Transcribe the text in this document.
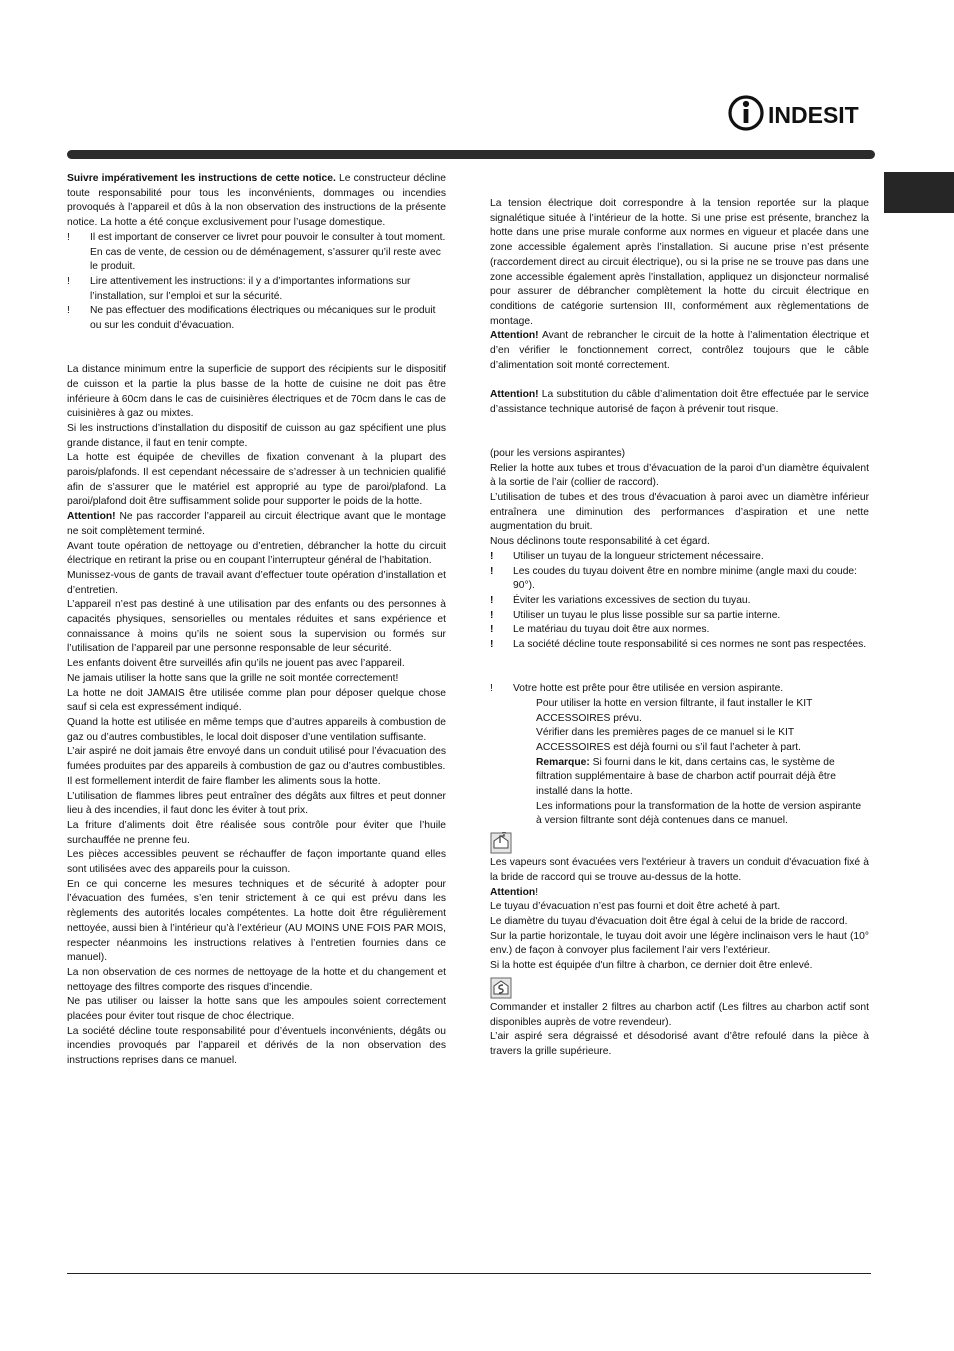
INDESIT

Suivre impérativement les instructions de cette notice. Le constructeur décline toute responsabilité pour tous les inconvénients, dommages ou incendies provoqués à l’appareil et dûs à la non observation des instructions de la présente notice. La hotte a été conçue exclusivement pour l’usage domestique.

!	Il est important de conserver ce livret pour pouvoir le consulter à tout moment. En cas de vente, de cession ou de déménagement, s’assurer qu’il reste avec le produit.
!	Lire attentivement les instructions: il y a d’importantes informations sur l’installation, sur l’emploi et sur la sécurité.
!	Ne pas effectuer des modifications électriques ou mécaniques sur le produit ou sur les conduit d’évacuation.

La distance minimum entre la superficie de support des récipients sur le dispositif de cuisson et la partie la plus basse de la hotte de cuisine ne doit pas être inférieure à 60cm dans le cas de cuisinières électriques et de 70cm dans le cas de cuisinières à gaz ou mixtes.

Si les instructions d’installation du dispositif de cuisson au gaz spécifient une plus grande distance, il faut en tenir compte.

La hotte est équipée de chevilles de fixation convenant à la plupart des parois/plafonds. Il est cependant nécessaire de s’adresser à un technicien qualifié afin de s’assurer que le matériel est approprié au type de paroi/plafond. La paroi/plafond doit être suffisamment solide pour supporter le poids de la hotte.

Attention! Ne pas raccorder l’appareil au circuit électrique avant que le montage ne soit complètement terminé.

Avant toute opération de nettoyage ou d’entretien, débrancher la hotte du circuit électrique en retirant la prise ou en coupant l’interrupteur général de l’habitation.

Munissez-vous de gants de travail avant d’effectuer toute opération d’installation et d’entretien.

L’appareil n’est pas destiné à une utilisation par des enfants ou des personnes à capacités physiques, sensorielles ou mentales réduites et sans expérience et connaissance à moins qu’ils ne soient sous la supervision ou formés sur l’utilisation de l’appareil par une personne responsable de leur sécurité.

Les enfants doivent être surveillés afin qu’ils ne jouent pas avec l’appareil.

Ne jamais utiliser la hotte sans que la grille ne soit montée correctement!

La hotte ne doit JAMAIS être utilisée comme plan pour déposer quelque chose sauf si cela est expressément indiqué.

Quand la hotte est utilisée en même temps que d’autres appareils à combustion de gaz ou d’autres combustibles, le local doit disposer d’une ventilation suffisante.

L’air aspiré ne doit jamais être envoyé dans un conduit utilisé pour l’évacuation des fumées produites par des appareils à combustion de gaz ou d’autres combustibles.

Il est formellement interdit de faire flamber les aliments sous la hotte.

L’utilisation de flammes libres peut entraîner des dégâts aux filtres et peut donner lieu à des incendies, il faut donc les éviter à tout prix.

La friture d’aliments doit être réalisée sous contrôle pour éviter que l’huile surchauffée ne prenne feu.

Les pièces accessibles peuvent se réchauffer de façon importante quand elles sont utilisées avec des appareils pour la cuisson.

En ce qui concerne les mesures techniques et de sécurité à adopter pour l’évacuation des fumées, s’en tenir strictement à ce qui est prévu dans les règlements des autorités locales compétentes. La hotte doit être régulièrement nettoyée, aussi bien à l’intérieur qu’à l’extérieur (AU MOINS UNE FOIS PAR MOIS, respecter néanmoins les instructions relatives à l’entretien fournies dans ce manuel).

La non observation de ces normes de nettoyage de la hotte et du changement et nettoyage des filtres comporte des risques d’incendie.

Ne pas utiliser ou laisser la hotte sans que les ampoules soient correctement placées pour éviter tout risque de choc électrique.

La société décline toute responsabilité pour d’éventuels inconvénients, dégâts ou incendies provoqués par l’appareil et dérivés de la non observation des instructions reprises dans ce manuel.

La tension électrique doit correspondre à la tension reportée sur la plaque signalétique située à l’intérieur de la hotte. Si une prise est présente, branchez la hotte dans une prise murale conforme aux normes en vigueur et placée dans une zone accessible également après l’installation. Si aucune prise n’est présente (raccordement direct au circuit électrique), ou si la prise ne se trouve pas dans une zone accessible également après l’installation, appliquez un disjoncteur normalisé pour assurer de débrancher complètement la hotte du circuit électrique en conditions de catégorie surtension III, conformément aux règlementations de montage.

Attention! Avant de rebrancher le circuit de la hotte à l’alimentation électrique et d’en vérifier le fonctionnement correct, contrôlez toujours que le câble d’alimentation soit monté correctement.

Attention! La substitution du câble d’alimentation doit être effectuée par le service d’assistance technique autorisé de façon à prévenir tout risque.

(pour les versions aspirantes)

Relier la hotte aux tubes et trous d’évacuation de la paroi d’un diamètre équivalent à la sortie de l’air (collier de raccord).

L’utilisation de tubes et des trous d'évacuation à paroi avec un diamètre inférieur entraînera une diminution des performances d’aspiration et une nette augmentation du bruit.

Nous déclinons toute responsabilité à cet égard.

!	Utiliser un tuyau de la longueur strictement nécessaire.
!	Les coudes du tuyau doivent être en nombre minime (angle maxi du coude: 90°).
!	Éviter les variations excessives de section du tuyau.
!	Utiliser un tuyau le plus lisse possible sur sa partie interne.
!	Le matériau du tuyau doit être aux normes.
!	La société décline toute responsabilité si ces normes ne sont pas respectées.
!	Votre hotte est prête pour être utilisée en version aspirante.
Pour utiliser la hotte en version filtrante, il faut installer le KIT ACCESSOIRES prévu.
Vérifier dans les premières pages de ce manuel si le KIT ACCESSOIRES est déjà fourni ou s’il faut l’acheter à part.
Remarque: Si fourni dans le kit, dans certains cas, le système de filtration supplémentaire à base de charbon actif pourrait déjà être installé dans la hotte.
Les informations pour la transformation de la hotte de version aspirante à version filtrante sont déjà contenues dans ce manuel.

Les vapeurs sont évacuées vers l'extérieur à travers un conduit d'évacuation fixé à la bride de raccord qui se trouve au-dessus de la hotte.

Attention!

Le tuyau d’évacuation n’est pas fourni et doit être acheté à part.

Le diamètre du tuyau d'évacuation doit être égal à celui de la bride de raccord.

Sur la partie horizontale, le tuyau doit avoir une légère inclinaison vers le haut (10° env.) de façon à convoyer plus facilement l’air vers l’extérieur.

Si la hotte est équipée d'un filtre à charbon, ce dernier doit être enlevé.

Commander et installer 2 filtres au charbon actif (Les filtres au charbon actif sont disponibles auprès de votre revendeur).

L’air aspiré sera dégraissé et désodorisé avant d’être refoulé dans la pièce à travers la grille supérieure.
